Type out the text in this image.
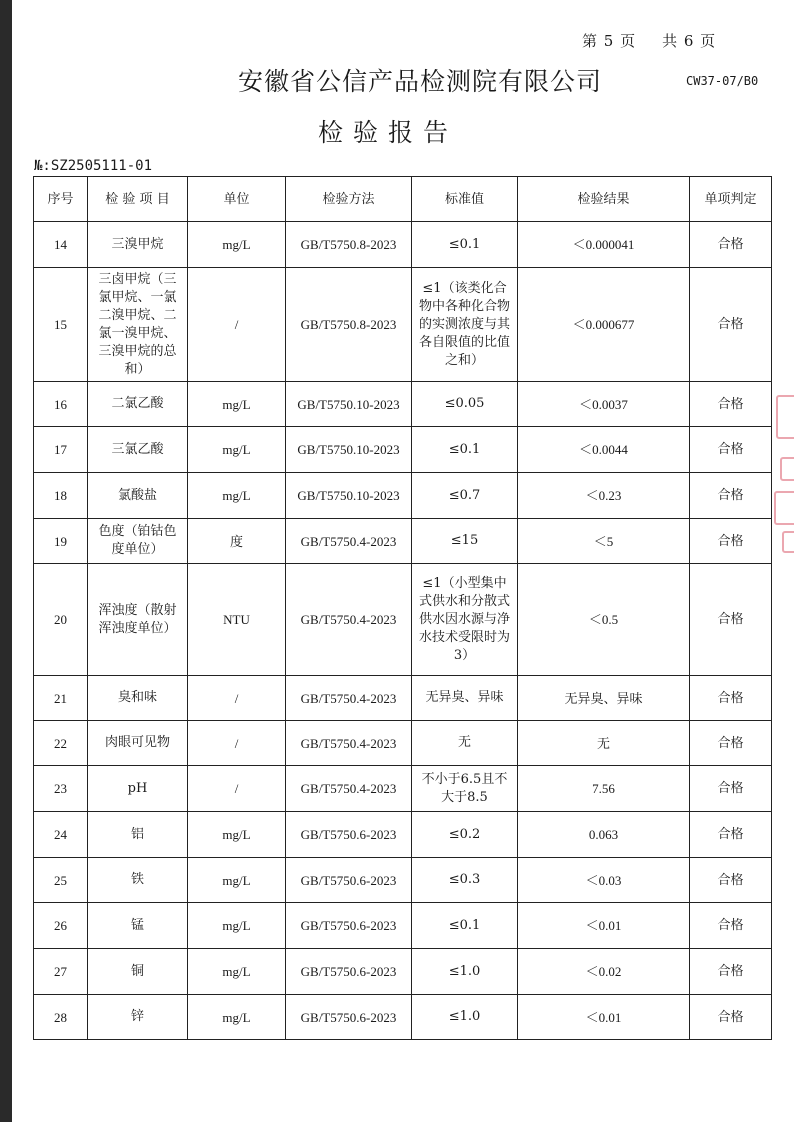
第 5 页 共 6 页
安徽省公信产品检测院有限公司	CW37-07/B0
检验报告
№:SZ2505111-01
序号	检 验 项 目	单位	检验方法	标准值	检验结果	单项判定
14	三溴甲烷	mg/L	GB/T5750.8-2023	≤0.1	＜0.000041	合格
15	三卤甲烷（三氯甲烷、一氯二溴甲烷、二氯一溴甲烷、三溴甲烷的总和）	/	GB/T5750.8-2023	≤1（该类化合物中各种化合物的实测浓度与其各自限值的比值之和）	＜0.000677	合格
16	二氯乙酸	mg/L	GB/T5750.10-2023	≤0.05	＜0.0037	合格
17	三氯乙酸	mg/L	GB/T5750.10-2023	≤0.1	＜0.0044	合格
18	氯酸盐	mg/L	GB/T5750.10-2023	≤0.7	＜0.23	合格
19	色度（铂钴色度单位）	度	GB/T5750.4-2023	≤15	＜5	合格
20	浑浊度（散射浑浊度单位）	NTU	GB/T5750.4-2023	≤1（小型集中式供水和分散式供水因水源与净水技术受限时为3）	＜0.5	合格
21	臭和味	/	GB/T5750.4-2023	无异臭、异味	无异臭、异味	合格
22	肉眼可见物	/	GB/T5750.4-2023	无	无	合格
23	pH	/	GB/T5750.4-2023	不小于6.5且不大于8.5	7.56	合格
24	铝	mg/L	GB/T5750.6-2023	≤0.2	0.063	合格
25	铁	mg/L	GB/T5750.6-2023	≤0.3	＜0.03	合格
26	锰	mg/L	GB/T5750.6-2023	≤0.1	＜0.01	合格
27	铜	mg/L	GB/T5750.6-2023	≤1.0	＜0.02	合格
28	锌	mg/L	GB/T5750.6-2023	≤1.0	＜0.01	合格
